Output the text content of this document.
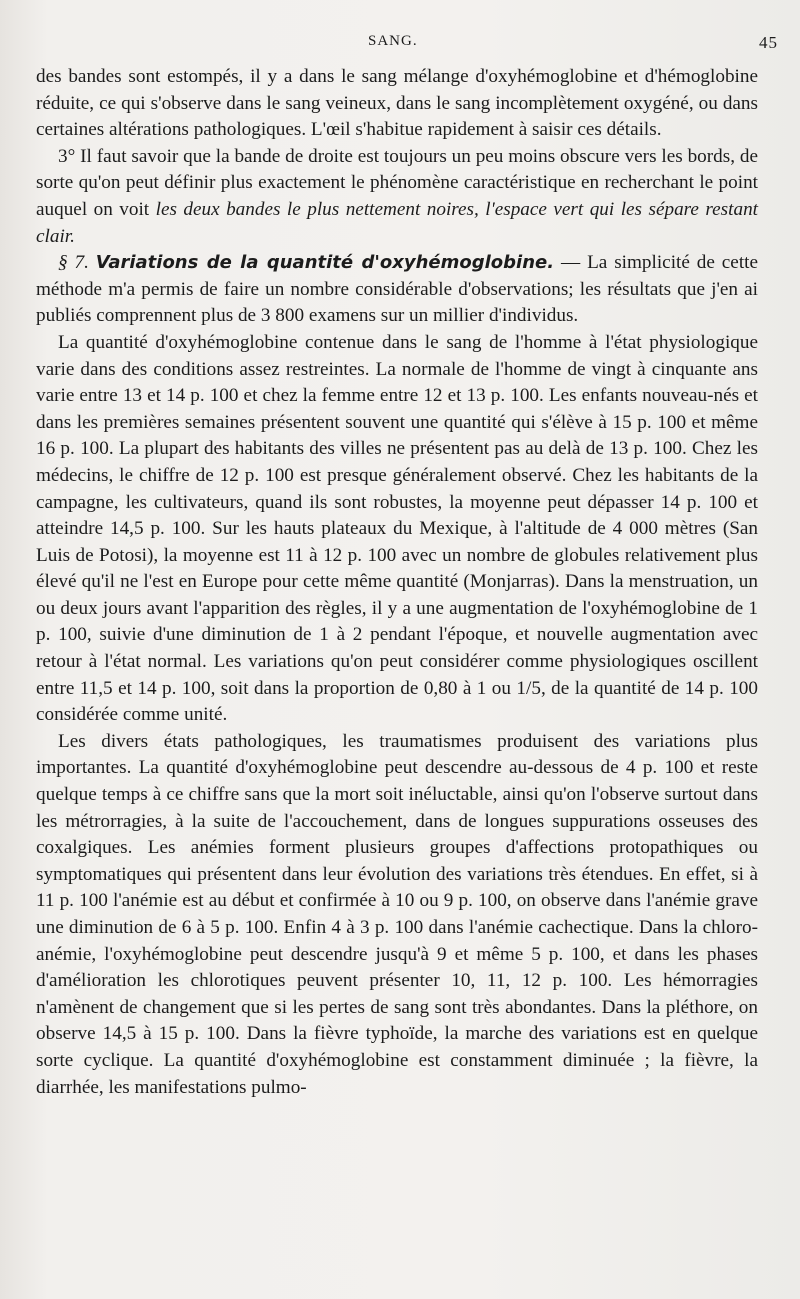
SANG.	45

des bandes sont estompés, il y a dans le sang mélange d'oxyhémoglobine et d'hémoglobine réduite, ce qui s'observe dans le sang veineux, dans le sang incomplètement oxygéné, ou dans certaines altérations pathologiques. L'œil s'habitue rapidement à saisir ces détails.

3° Il faut savoir que la bande de droite est toujours un peu moins obscure vers les bords, de sorte qu'on peut définir plus exactement le phénomène caractéristique en recherchant le point auquel on voit les deux bandes le plus nettement noires, l'espace vert qui les sépare restant clair.

§ 7. Variations de la quantité d'oxyhémoglobine. — La simplicité de cette méthode m'a permis de faire un nombre considérable d'observations; les résultats que j'en ai publiés comprennent plus de 3 800 examens sur un millier d'individus.

La quantité d'oxyhémoglobine contenue dans le sang de l'homme à l'état physiologique varie dans des conditions assez restreintes. La normale de l'homme de vingt à cinquante ans varie entre 13 et 14 p. 100 et chez la femme entre 12 et 13 p. 100. Les enfants nouveau-nés et dans les premières semaines présentent souvent une quantité qui s'élève à 15 p. 100 et même 16 p. 100. La plupart des habitants des villes ne présentent pas au delà de 13 p. 100. Chez les médecins, le chiffre de 12 p. 100 est presque généralement observé. Chez les habitants de la campagne, les cultivateurs, quand ils sont robustes, la moyenne peut dépasser 14 p. 100 et atteindre 14,5 p. 100. Sur les hauts plateaux du Mexique, à l'altitude de 4 000 mètres (San Luis de Potosi), la moyenne est 11 à 12 p. 100 avec un nombre de globules relativement plus élevé qu'il ne l'est en Europe pour cette même quantité (Monjarras). Dans la menstruation, un ou deux jours avant l'apparition des règles, il y a une augmentation de l'oxyhémoglobine de 1 p. 100, suivie d'une diminution de 1 à 2 pendant l'époque, et nouvelle augmentation avec retour à l'état normal. Les variations qu'on peut considérer comme physiologiques oscillent entre 11,5 et 14 p. 100, soit dans la proportion de 0,80 à 1 ou 1/5, de la quantité de 14 p. 100 considérée comme unité.

Les divers états pathologiques, les traumatismes produisent des variations plus importantes. La quantité d'oxyhémoglobine peut descendre au-dessous de 4 p. 100 et reste quelque temps à ce chiffre sans que la mort soit inéluctable, ainsi qu'on l'observe surtout dans les métrorragies, à la suite de l'accouchement, dans de longues suppurations osseuses des coxalgiques. Les anémies forment plusieurs groupes d'affections protopathiques ou symptomatiques qui présentent dans leur évolution des variations très étendues. En effet, si à 11 p. 100 l'anémie est au début et confirmée à 10 ou 9 p. 100, on observe dans l'anémie grave une diminution de 6 à 5 p. 100. Enfin 4 à 3 p. 100 dans l'anémie cachectique. Dans la chloro-anémie, l'oxyhémoglobine peut descendre jusqu'à 9 et même 5 p. 100, et dans les phases d'amélioration les chlorotiques peuvent présenter 10, 11, 12 p. 100. Les hémorragies n'amènent de changement que si les pertes de sang sont très abondantes. Dans la pléthore, on observe 14,5 à 15 p. 100. Dans la fièvre typhoïde, la marche des variations est en quelque sorte cyclique. La quantité d'oxyhémoglobine est constamment diminuée ; la fièvre, la diarrhée, les manifestations pulmo-
